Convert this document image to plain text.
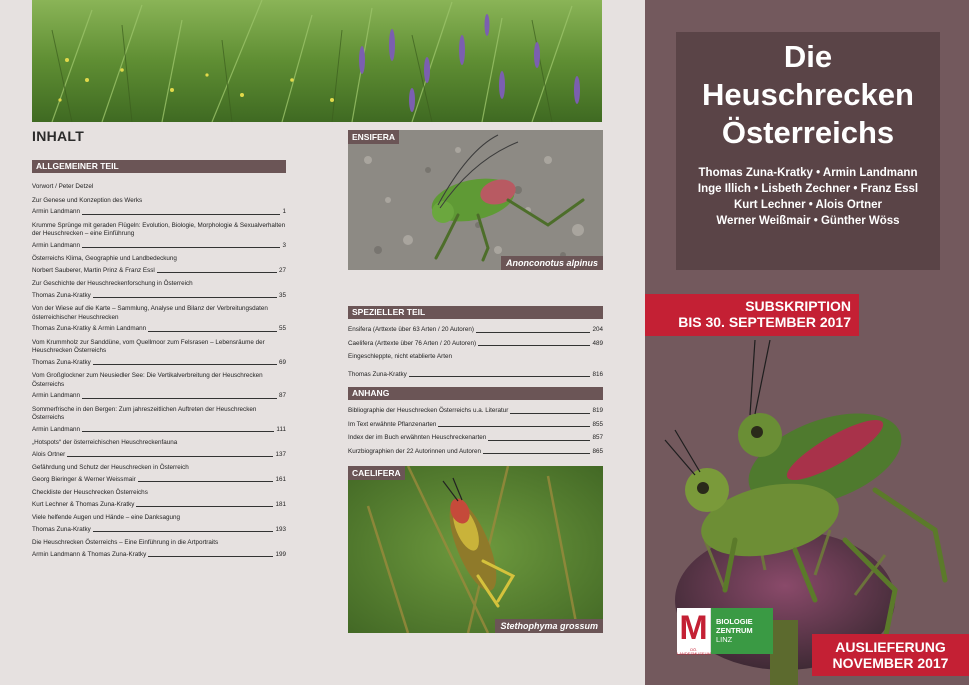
INHALT
ALLGEMEINER TEIL
Vorwort / Peter Detzel
Zur Genese und Konzeption des Werks
Armin Landmann	1
Krumme Sprünge mit geraden Flügeln: Evolution, Biologie, Morphologie & Sexualverhalten der Heuschrecken – eine Einführung
Armin Landmann	3
Österreichs Klima, Geographie und Landbedeckung
Norbert Sauberer, Martin Prinz & Franz Essl	27
Zur Geschichte der Heuschreckenforschung in Österreich
Thomas Zuna-Kratky	35
Von der Wiese auf die Karte – Sammlung, Analyse und Bilanz der Verbreitungsdaten österreichischer Heuschrecken
Thomas Zuna-Kratky & Armin Landmann	55
Vom Krummholz zur Sanddüne, vom Quellmoor zum Felsrasen – Lebensräume der Heuschrecken Österreichs
Thomas Zuna-Kratky	69
Vom Großglockner zum Neusiedler See: Die Vertikalverbreitung der Heuschrecken Österreichs
Armin Landmann	87
Sommerfrische in den Bergen: Zum jahreszeitlichen Auftreten der Heuschrecken Österreichs
Armin Landmann	111
„Hotspots“ der österreichischen Heuschreckenfauna
Alois Ortner	137
Gefährdung und Schutz der Heuschrecken in Österreich
Georg Bieringer & Werner Weissmair	161
Checkliste der Heuschrecken Österreichs
Kurt Lechner & Thomas Zuna-Kratky	181
Viele helfende Augen und Hände – eine Danksagung
Thomas Zuna-Kratky	193
Die Heuschrecken Österreichs – Eine Einführung in die Artportraits
Armin Landmann & Thomas Zuna-Kratky	199
ENSIFERA
Anonconotus alpinus
SPEZIELLER TEIL
Ensifera (Arttexte über 63 Arten / 20 Autoren)	204
Caelifera (Arttexte über 76 Arten / 20 Autoren)	489
Eingeschleppte, nicht etablierte Arten
Thomas Zuna-Kratky	816
ANHANG
Bibliographie der Heuschrecken Österreichs u.a. Literatur	819
Im Text erwähnte Pflanzenarten	855
Index der im Buch erwähnten Heuschreckenarten	857
Kurzbiographien der 22 Autorinnen und Autoren	865
CAELIFERA
Stethophyma grossum
Die
Heuschrecken
Österreichs
Thomas Zuna-Kratky • Armin Landmann
Inge Illich • Lisbeth Zechner • Franz Essl
Kurt Lechner • Alois Ortner
Werner Weißmair • Günther Wöss
SUBSKRIPTION
BIS 30. SEPTEMBER 2017
M
OÖ. LANDESMUSEUM
BIOLOGIE
ZENTRUM
LINZ	AUSLIEFERUNG
NOVEMBER 2017
